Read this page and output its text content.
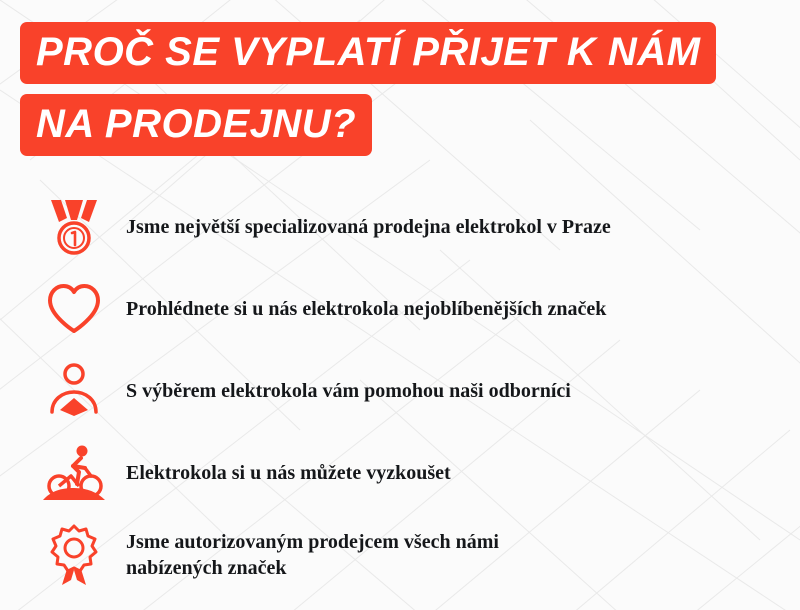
PROČ SE VYPLATÍ PŘIJET K NÁM NA PRODEJNU?
Jsme největší specializovaná prodejna elektrokol v Praze
Prohlédnete si u nás elektrokola nejoblíbenějších značek
S výběrem elektrokola vám pomohou naši odborníci
Elektrokola si u nás můžete vyzkoušet
Jsme autorizovaným prodejcem všech námi
nabízených značek
